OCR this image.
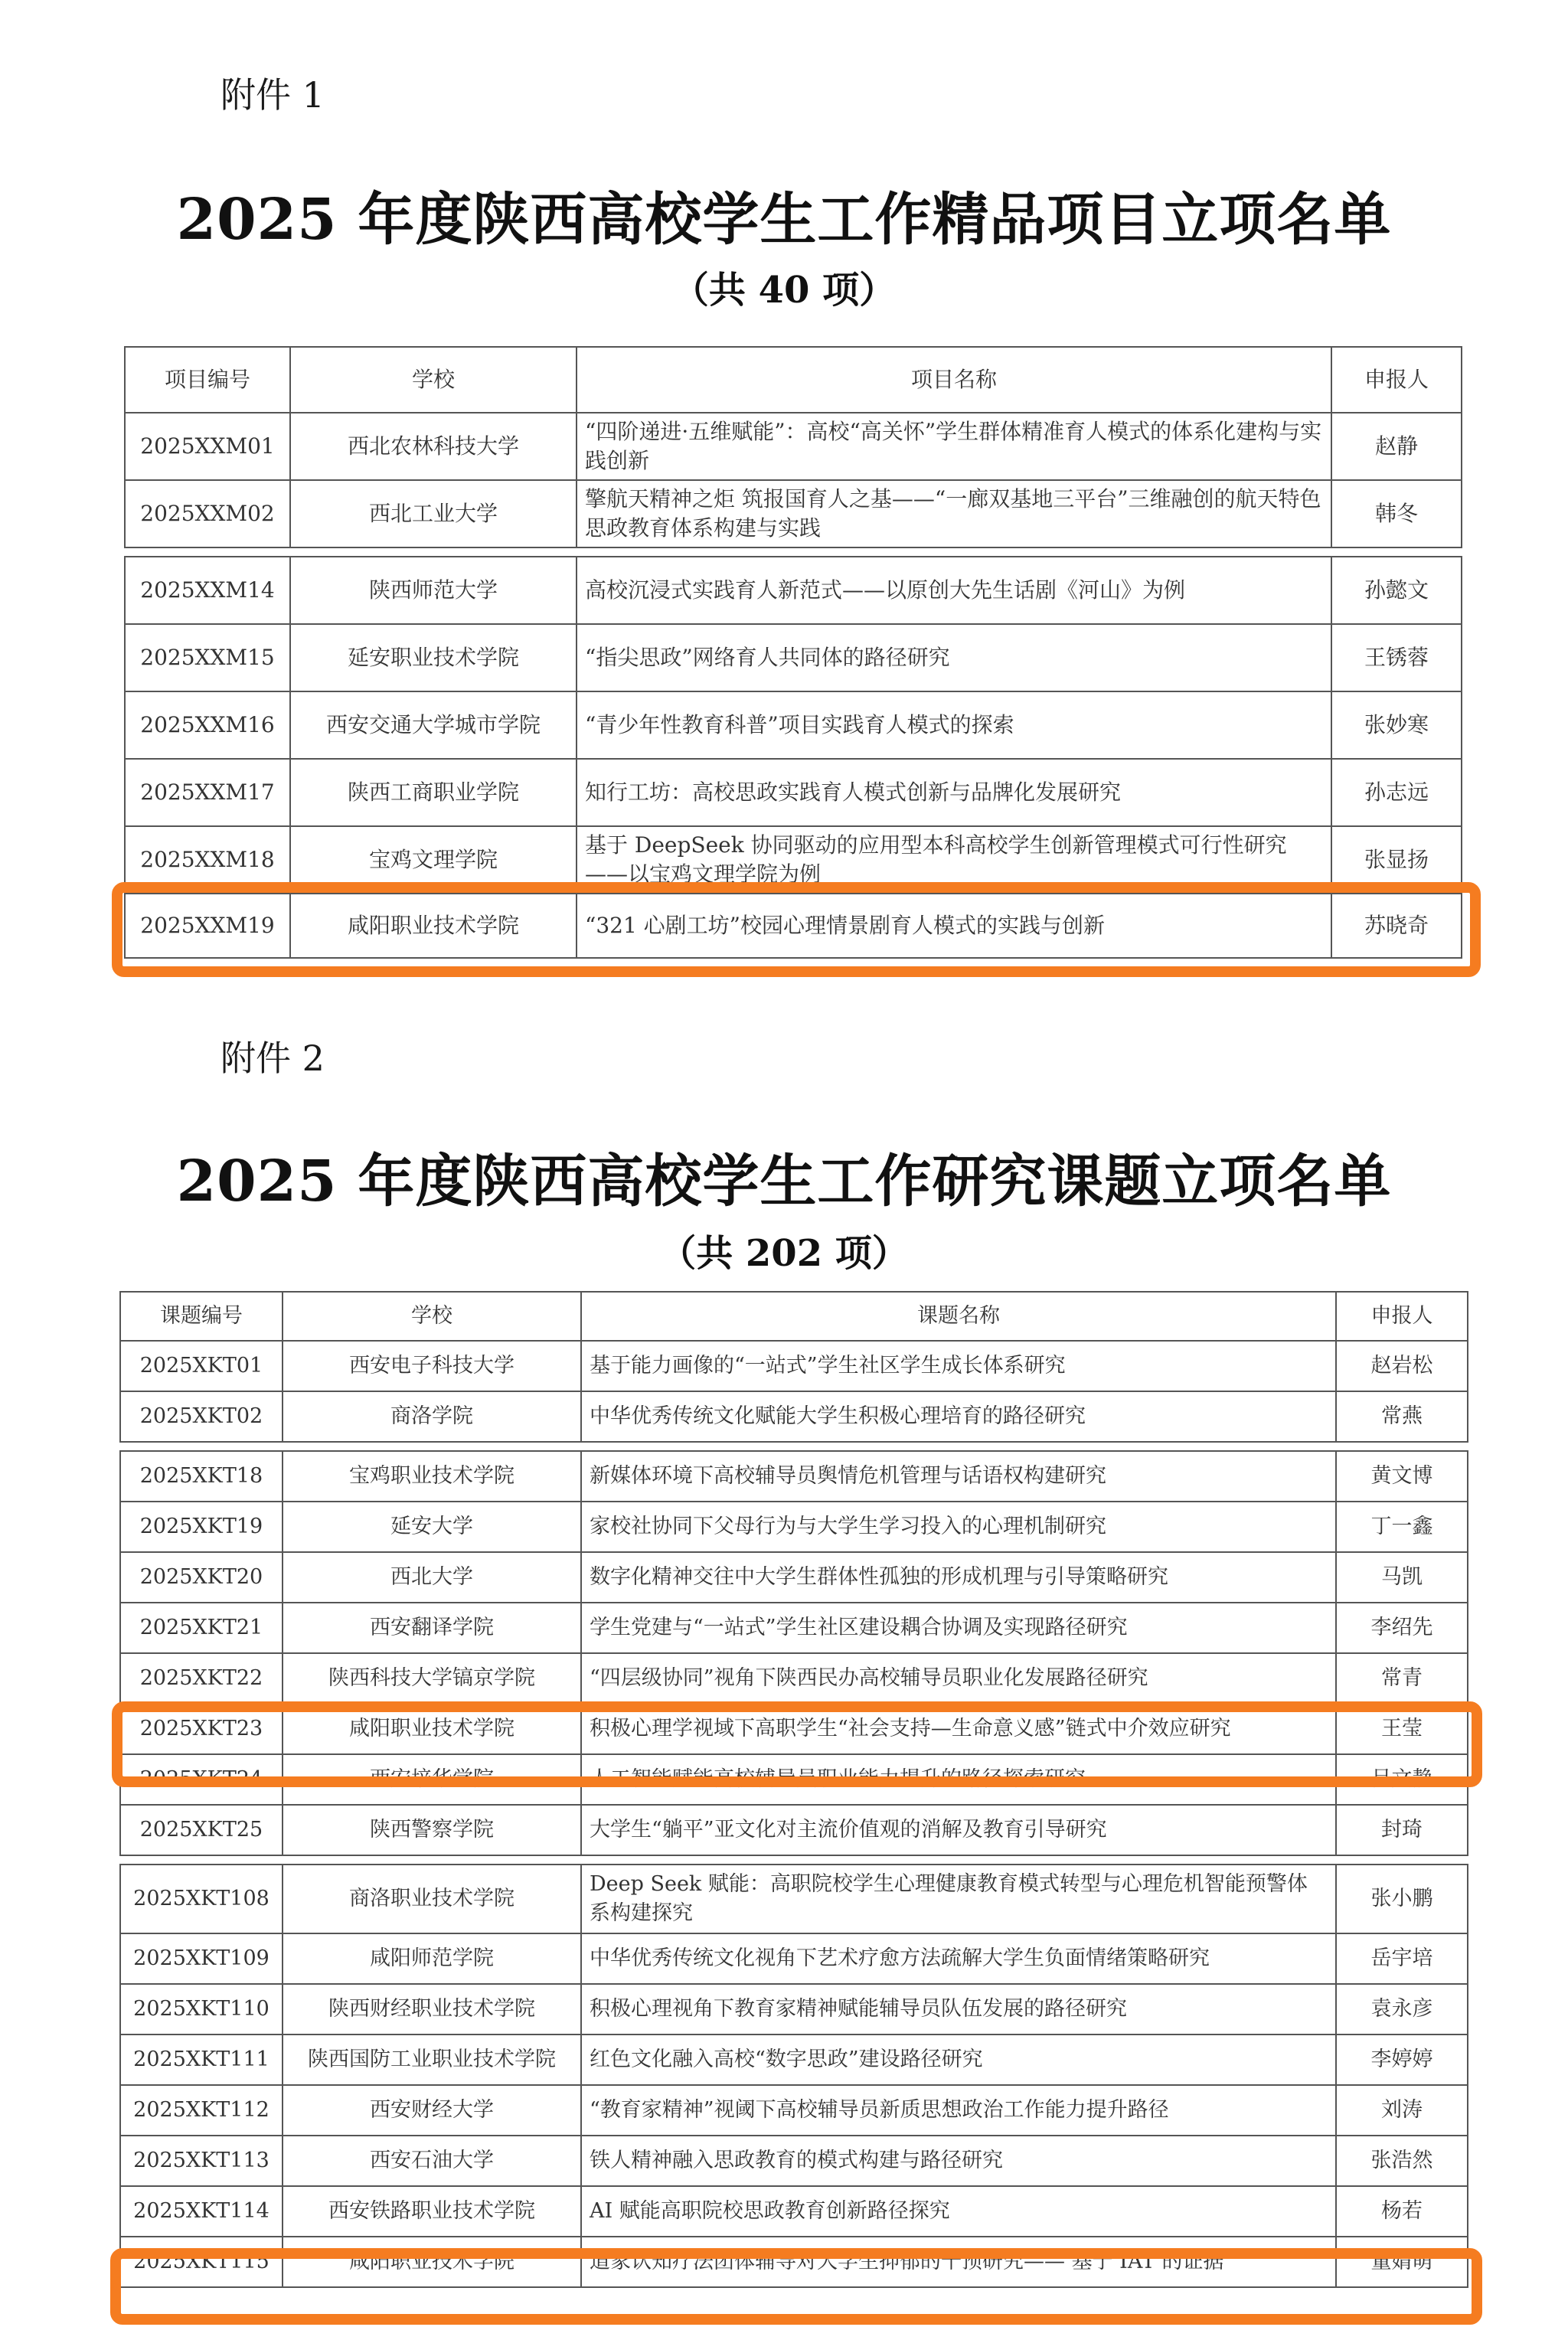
附件 1
2025 年度陕西高校学生工作精品项目立项名单
（共 40 项）
项目编号	学校	项目名称	申报人
2025XXM01	西北农林科技大学	“四阶递进·五维赋能”：高校“高关怀”学生群体精准育人模式的体系化建构与实践创新	赵静
2025XXM02	西北工业大学	擎航天精神之炬 筑报国育人之基——“一廊双基地三平台”三维融创的航天特色思政教育体系构建与实践	韩冬

2025XXM14	陕西师范大学	高校沉浸式实践育人新范式——以原创大先生话剧《河山》为例	孙懿文
2025XXM15	延安职业技术学院	“指尖思政”网络育人共同体的路径研究	王锈蓉
2025XXM16	西安交通大学城市学院	“青少年性教育科普”项目实践育人模式的探索	张妙寒
2025XXM17	陕西工商职业学院	知行工坊：高校思政实践育人模式创新与品牌化发展研究	孙志远
2025XXM18	宝鸡文理学院	基于 DeepSeek 协同驱动的应用型本科高校学生创新管理模式可行性研究——以宝鸡文理学院为例	张显扬
2025XXM19	咸阳职业技术学院	“321 心剧工坊”校园心理情景剧育人模式的实践与创新	苏晓奇
附件 2
2025 年度陕西高校学生工作研究课题立项名单
（共 202 项）
课题编号	学校	课题名称	申报人
2025XKT01	西安电子科技大学	基于能力画像的“一站式”学生社区学生成长体系研究	赵岩松
2025XKT02	商洛学院	中华优秀传统文化赋能大学生积极心理培育的路径研究	常燕

2025XKT18	宝鸡职业技术学院	新媒体环境下高校辅导员舆情危机管理与话语权构建研究	黄文博
2025XKT19	延安大学	家校社协同下父母行为与大学生学习投入的心理机制研究	丁一鑫
2025XKT20	西北大学	数字化精神交往中大学生群体性孤独的形成机理与引导策略研究	马凯
2025XKT21	西安翻译学院	学生党建与“一站式”学生社区建设耦合协调及实现路径研究	李绍先
2025XKT22	陕西科技大学镐京学院	“四层级协同”视角下陕西民办高校辅导员职业化发展路径研究	常青
2025XKT23	咸阳职业技术学院	积极心理学视域下高职学生“社会支持—生命意义感”链式中介效应研究	王莹
2025XKT24	西安培华学院	人工智能赋能高校辅导员职业能力提升的路径探索研究	吕文静
2025XKT25	陕西警察学院	大学生“躺平”亚文化对主流价值观的消解及教育引导研究	封琦

2025XKT108	商洛职业技术学院	Deep Seek 赋能：高职院校学生心理健康教育模式转型与心理危机智能预警体系构建探究	张小鹏
2025XKT109	咸阳师范学院	中华优秀传统文化视角下艺术疗愈方法疏解大学生负面情绪策略研究	岳宇培
2025XKT110	陕西财经职业技术学院	积极心理视角下教育家精神赋能辅导员队伍发展的路径研究	袁永彦
2025XKT111	陕西国防工业职业技术学院	红色文化融入高校“数字思政”建设路径研究	李婷婷
2025XKT112	西安财经大学	“教育家精神”视阈下高校辅导员新质思想政治工作能力提升路径	刘涛
2025XKT113	西安石油大学	铁人精神融入思政教育的模式构建与路径研究	张浩然
2025XKT114	西安铁路职业技术学院	AI 赋能高职院校思政教育创新路径探究	杨若
2025XKT115	咸阳职业技术学院	道家认知疗法团体辅导对大学生抑郁的干预研究—— 基于 IAT 的证据	董婧萌
